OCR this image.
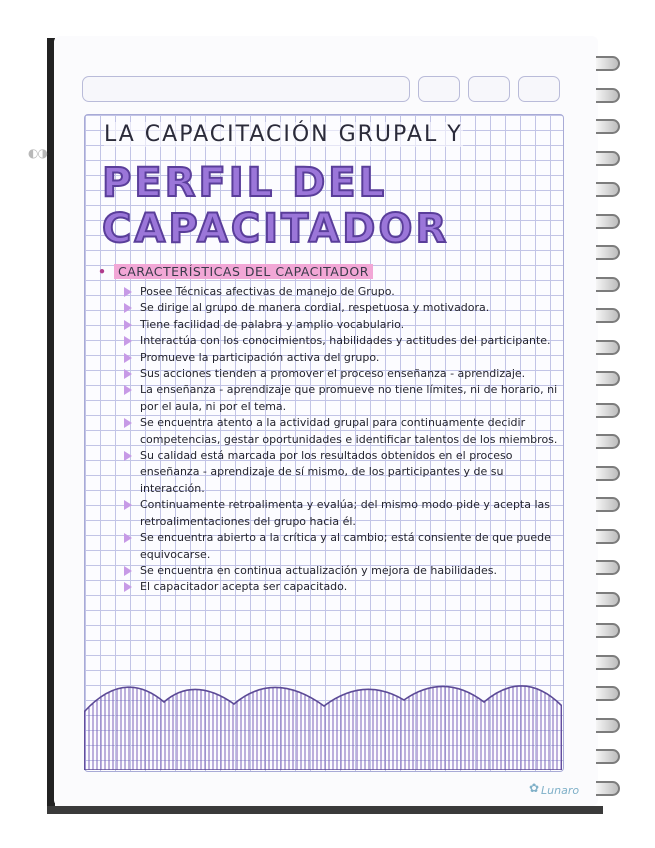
LA CAPACITACIÓN GRUPAL Y
PERFIL DEL
CAPACITADOR
• CARACTERÍSTICAS DEL CAPACITADOR
Posee Técnicas afectivas de manejo de Grupo.
Se dirige al grupo de manera cordial, respetuosa y motivadora.
Tiene facilidad de palabra y amplio vocabulario.
Interactúa con los conocimientos, habilidades y actitudes del participante.
Promueve la participación activa del grupo.
Sus acciones tienden a promover el proceso enseñanza - aprendizaje.
La enseñanza - aprendizaje que promueve no tiene límites, ni de horario, ni por el aula, ni por el tema.
Se encuentra atento a la actividad grupal para continuamente decidir competencias, gestar oportunidades e identificar talentos de los miembros.
Su calidad está marcada por los resultados obtenidos en el proceso enseñanza - aprendizaje de sí mismo, de los participantes y de su interacción.
Continuamente retroalimenta y evalúa; del mismo modo pide y acepta las retroalimentaciones del grupo hacia él.
Se encuentra abierto a la crítica y al cambio; está consiente de que puede equivocarse.
Se encuentra en continua actualización y mejora de habilidades.
El capacitador acepta ser capacitado.
◐◑
✿ Lunaro
